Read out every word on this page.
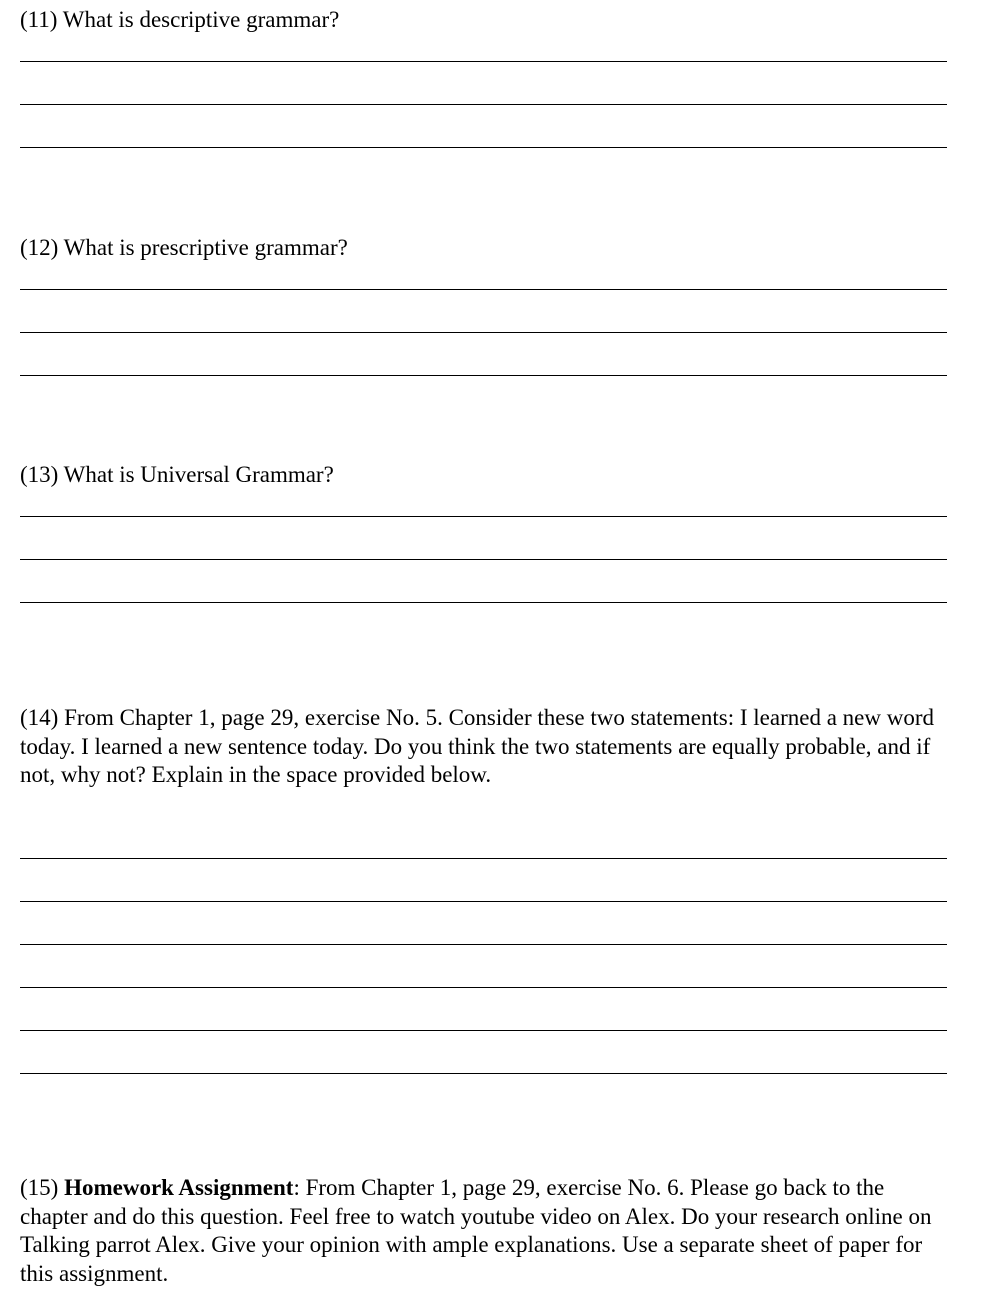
(11) What is descriptive grammar?

(12) What is prescriptive grammar?

(13) What is Universal Grammar?

(14) From Chapter 1, page 29, exercise No. 5. Consider these two statements: I learned a new word today. I learned a new sentence today. Do you think the two statements are equally probable, and if not, why not? Explain in the space provided below.

(15) Homework Assignment: From Chapter 1, page 29, exercise No. 6. Please go back to the chapter and do this question. Feel free to watch youtube video on Alex. Do your research online on Talking parrot Alex. Give your opinion with ample explanations. Use a separate sheet of paper for this assignment.
